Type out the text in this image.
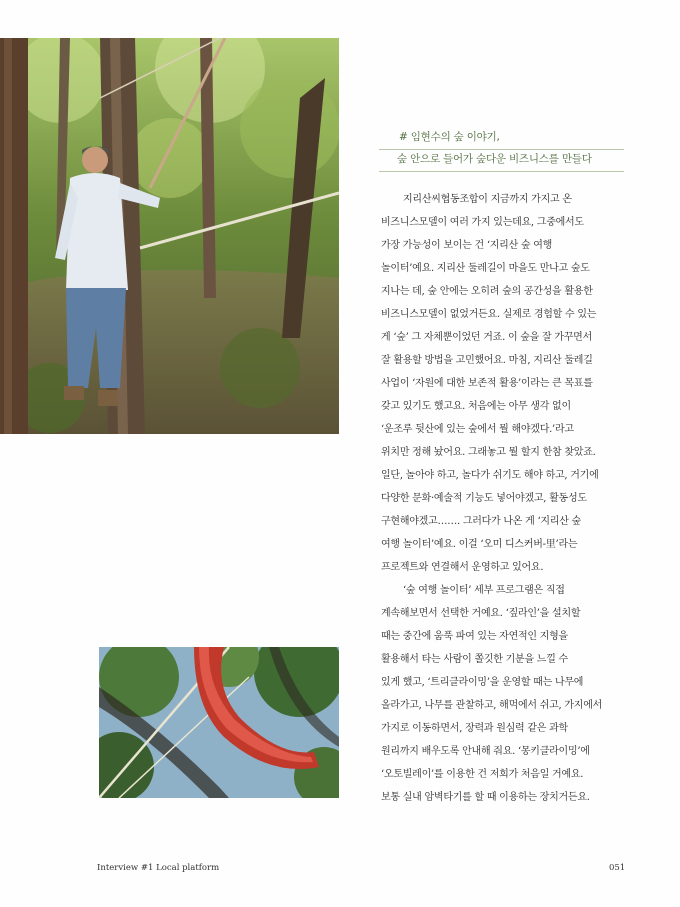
# 임현수의 숲 이야기,
숲 안으로 들어가 숲다운 비즈니스를 만들다
지리산씨협동조합이 지금까지 가지고 온
비즈니스모델이 여러 가지 있는데요, 그중에서도
가장 가능성이 보이는 건 ‘지리산 숲 여행
놀이터’예요. 지리산 둘레길이 마을도 만나고 숲도
지나는 데, 숲 안에는 오히려 숲의 공간성을 활용한
비즈니스모델이 없었거든요. 실제로 경험할 수 있는
게 ‘숲’ 그 자체뿐이었던 거죠. 이 숲을 잘 가꾸면서
잘 활용할 방법을 고민했어요. 마침, 지리산 둘레길
사업이 ‘자원에 대한 보존적 활용’이라는 큰 목표를
갖고 있기도 했고요. 처음에는 아무 생각 없이
‘운조루 뒷산에 있는 숲에서 뭘 해야겠다.’라고
위치만 정해 놨어요. 그래놓고 뭘 할지 한참 찾았죠.
일단, 놀아야 하고, 놀다가 쉬기도 해야 하고, 거기에
다양한 문화·예술적 기능도 넣어야겠고, 활동성도
구현해야겠고……. 그러다가 나온 게 ‘지리산 숲
여행 놀이터’예요. 이걸 ‘오미 디스커버-里’라는
프로젝트와 연결해서 운영하고 있어요.
‘숲 여행 놀이터’ 세부 프로그램은 직접
계속해보면서 선택한 거예요. ‘짚라인’을 설치할
때는 중간에 움푹 파여 있는 자연적인 지형을
활용해서 타는 사람이 쫄깃한 기분을 느낄 수
있게 했고, ‘트리클라이밍’을 운영할 때는 나무에
올라가고, 나무를 관찰하고, 해먹에서 쉬고, 가지에서
가지로 이동하면서, 장력과 원심력 같은 과학
원리까지 배우도록 안내해 줘요. ‘몽키클라이밍’에
‘오토빌레이’를 이용한 건 저희가 처음일 거예요.
보통 실내 암벽타기를 할 때 이용하는 장치거든요.
Interview #1 Local platform	051
